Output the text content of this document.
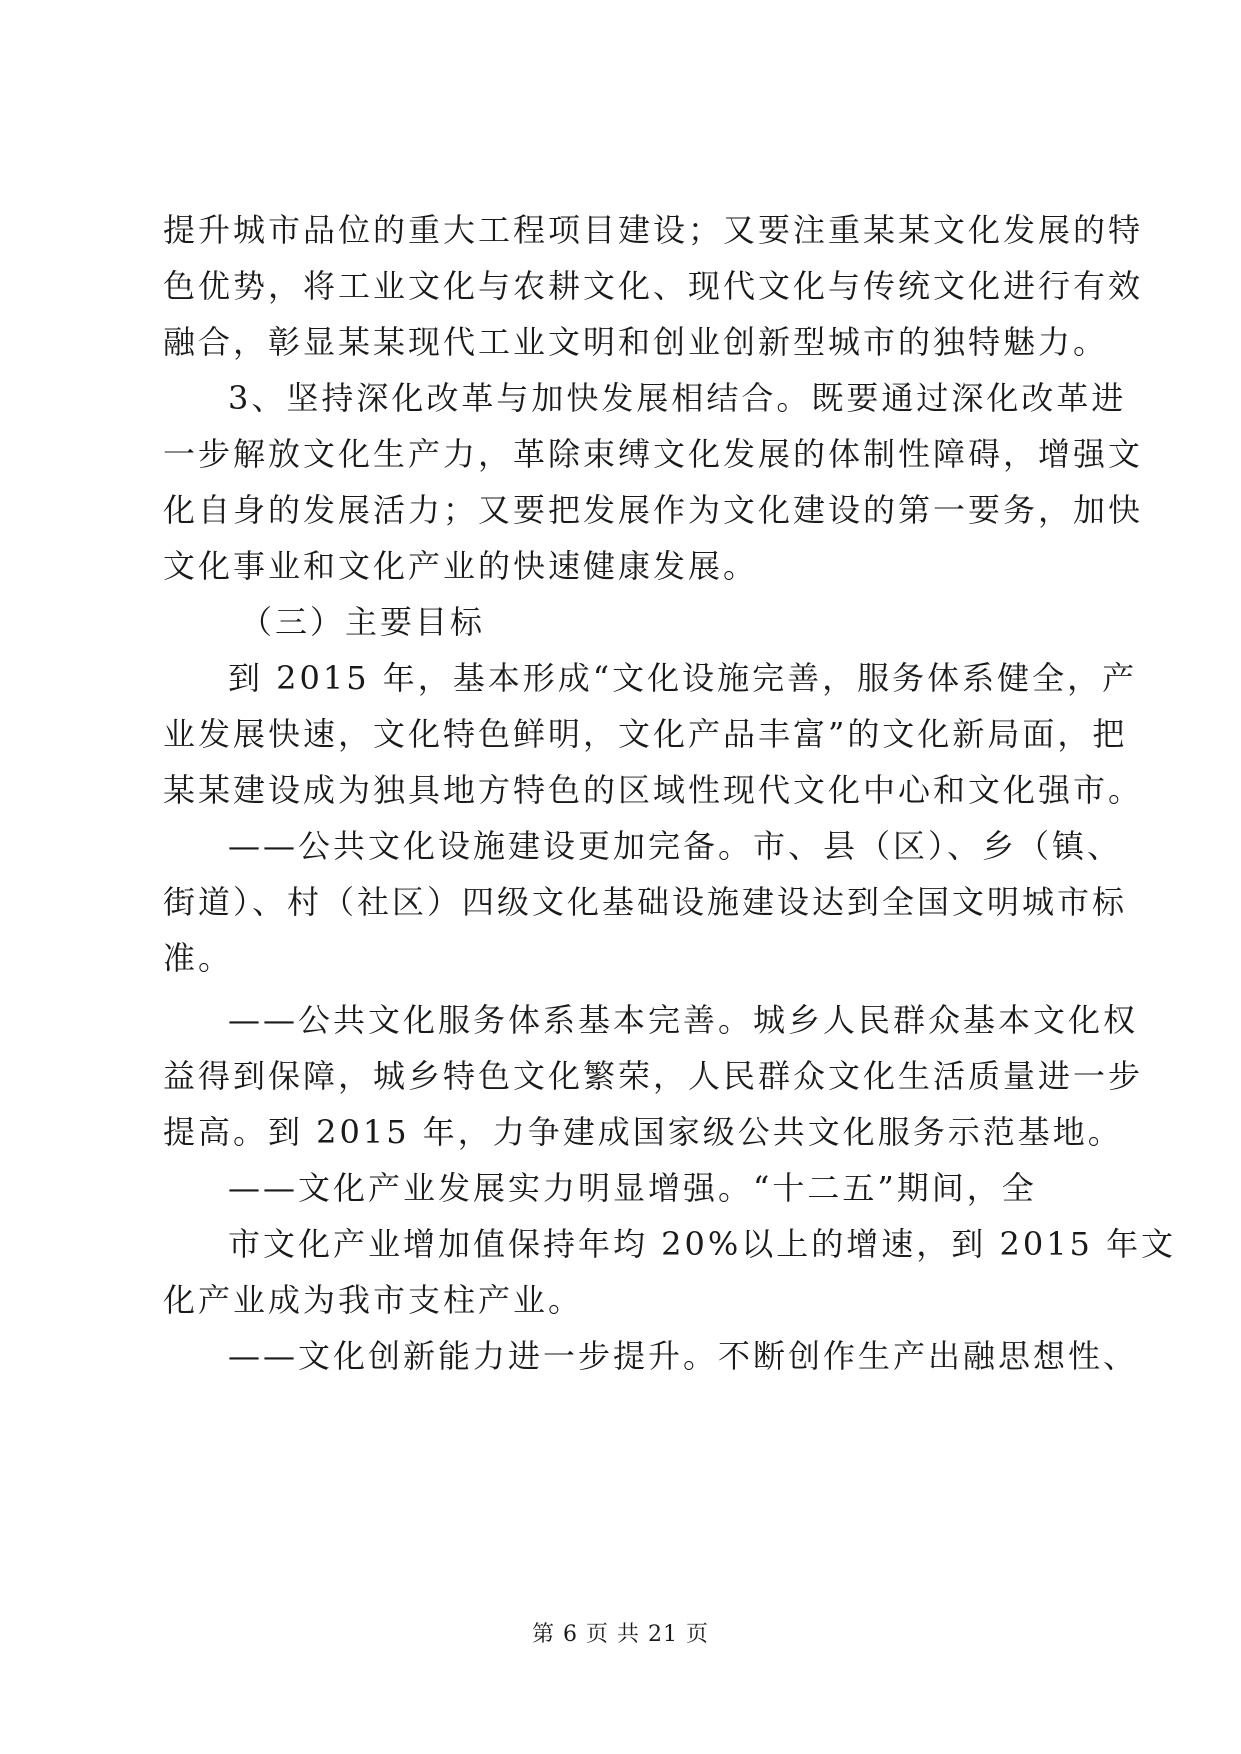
提升城市品位的重大工程项目建设；又要注重某某文化发展的特
色优势，将工业文化与农耕文化、现代文化与传统文化进行有效
融合，彰显某某现代工业文明和创业创新型城市的独特魅力。
3、坚持深化改革与加快发展相结合。既要通过深化改革进
一步解放文化生产力，革除束缚文化发展的体制性障碍，增强文
化自身的发展活力；又要把发展作为文化建设的第一要务，加快
文化事业和文化产业的快速健康发展。
（三）主要目标
到 2015 年，基本形成“文化设施完善，服务体系健全，产
业发展快速，文化特色鲜明，文化产品丰富”的文化新局面，把
某某建设成为独具地方特色的区域性现代文化中心和文化强市。
——公共文化设施建设更加完备。市、县（区）、乡（镇、
街道）、村（社区）四级文化基础设施建设达到全国文明城市标
准。
——公共文化服务体系基本完善。城乡人民群众基本文化权
益得到保障，城乡特色文化繁荣，人民群众文化生活质量进一步
提高。到 2015 年，力争建成国家级公共文化服务示范基地。
——文化产业发展实力明显增强。“十二五”期间，全
市文化产业增加值保持年均 20%以上的增速，到 2015 年文
化产业成为我市支柱产业。
——文化创新能力进一步提升。不断创作生产出融思想性、
第 6 页 共 21 页
